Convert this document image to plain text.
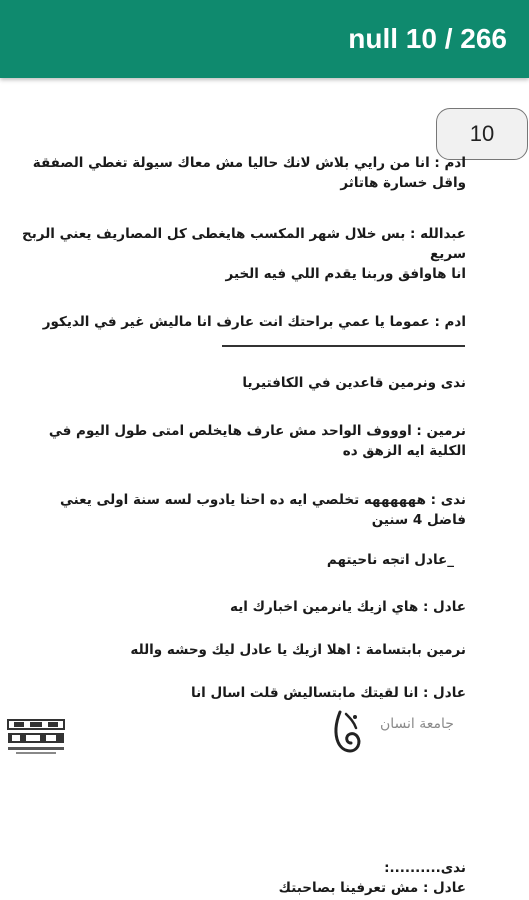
null 10 / 266
10
ادم : انا من رايي بلاش لانك حاليا مش معاك سيولة تغطي الصفقة
واقل خسارة هاتاثر
عبدالله : بس خلال شهر المكسب هايغطى كل المصاريف يعني الربح
سريع
انا هاوافق وربنا يقدم اللي فيه الخير
ادم : عموما يا عمي براحتك انت عارف انا ماليش غير في الديكور
ندى ونرمين قاعدين في الكافتيريا
نرمين : اوووف الواحد مش عارف هايخلص امتى طول اليوم في
الكلية ايه الزهق ده
ندى : ههههههه تخلصي ايه ده احنا يادوب لسه سنة اولى يعني
فاضل 4 سنين
_عادل اتجه ناحيتهم
عادل : هاي ازيك يانرمين اخبارك ايه
نرمين بابتسامة : اهلا ازيك يا عادل ليك وحشه والله
عادل : انا لقيتك مابتساليش قلت اسال انا
ندى..........:
عادل : مش تعرفينا بصاحبتك
جامعة انسان
